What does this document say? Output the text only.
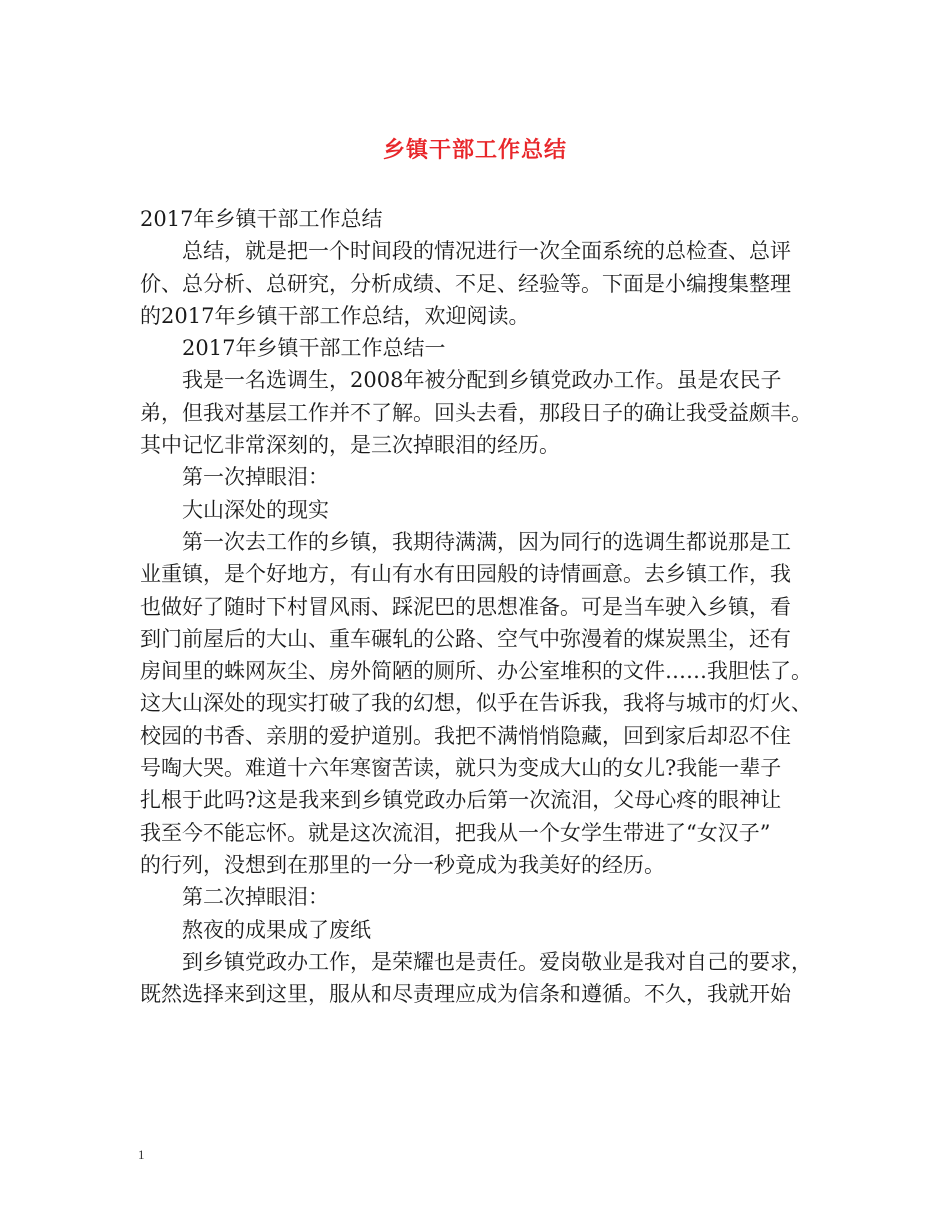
乡镇干部工作总结
2017年乡镇干部工作总结
总结，就是把一个时间段的情况进行一次全面系统的总检查、总评
价、总分析、总研究，分析成绩、不足、经验等。下面是小编搜集整理
的2017年乡镇干部工作总结，欢迎阅读。
2017年乡镇干部工作总结一
我是一名选调生，2008年被分配到乡镇党政办工作。虽是农民子
弟，但我对基层工作并不了解。回头去看，那段日子的确让我受益颇丰。
其中记忆非常深刻的，是三次掉眼泪的经历。
第一次掉眼泪：
大山深处的现实
第一次去工作的乡镇，我期待满满，因为同行的选调生都说那是工
业重镇，是个好地方，有山有水有田园般的诗情画意。去乡镇工作，我
也做好了随时下村冒风雨、踩泥巴的思想准备。可是当车驶入乡镇，看
到门前屋后的大山、重车碾轧的公路、空气中弥漫着的煤炭黑尘，还有
房间里的蛛网灰尘、房外简陋的厕所、办公室堆积的文件……我胆怯了。
这大山深处的现实打破了我的幻想，似乎在告诉我，我将与城市的灯火、
校园的书香、亲朋的爱护道别。我把不满悄悄隐藏，回到家后却忍不住
号啕大哭。难道十六年寒窗苦读，就只为变成大山的女儿?我能一辈子
扎根于此吗?这是我来到乡镇党政办后第一次流泪，父母心疼的眼神让
我至今不能忘怀。就是这次流泪，把我从一个女学生带进了“女汉子”
的行列，没想到在那里的一分一秒竟成为我美好的经历。
第二次掉眼泪：
熬夜的成果成了废纸
到乡镇党政办工作，是荣耀也是责任。爱岗敬业是我对自己的要求，
既然选择来到这里，服从和尽责理应成为信条和遵循。不久，我就开始
1
